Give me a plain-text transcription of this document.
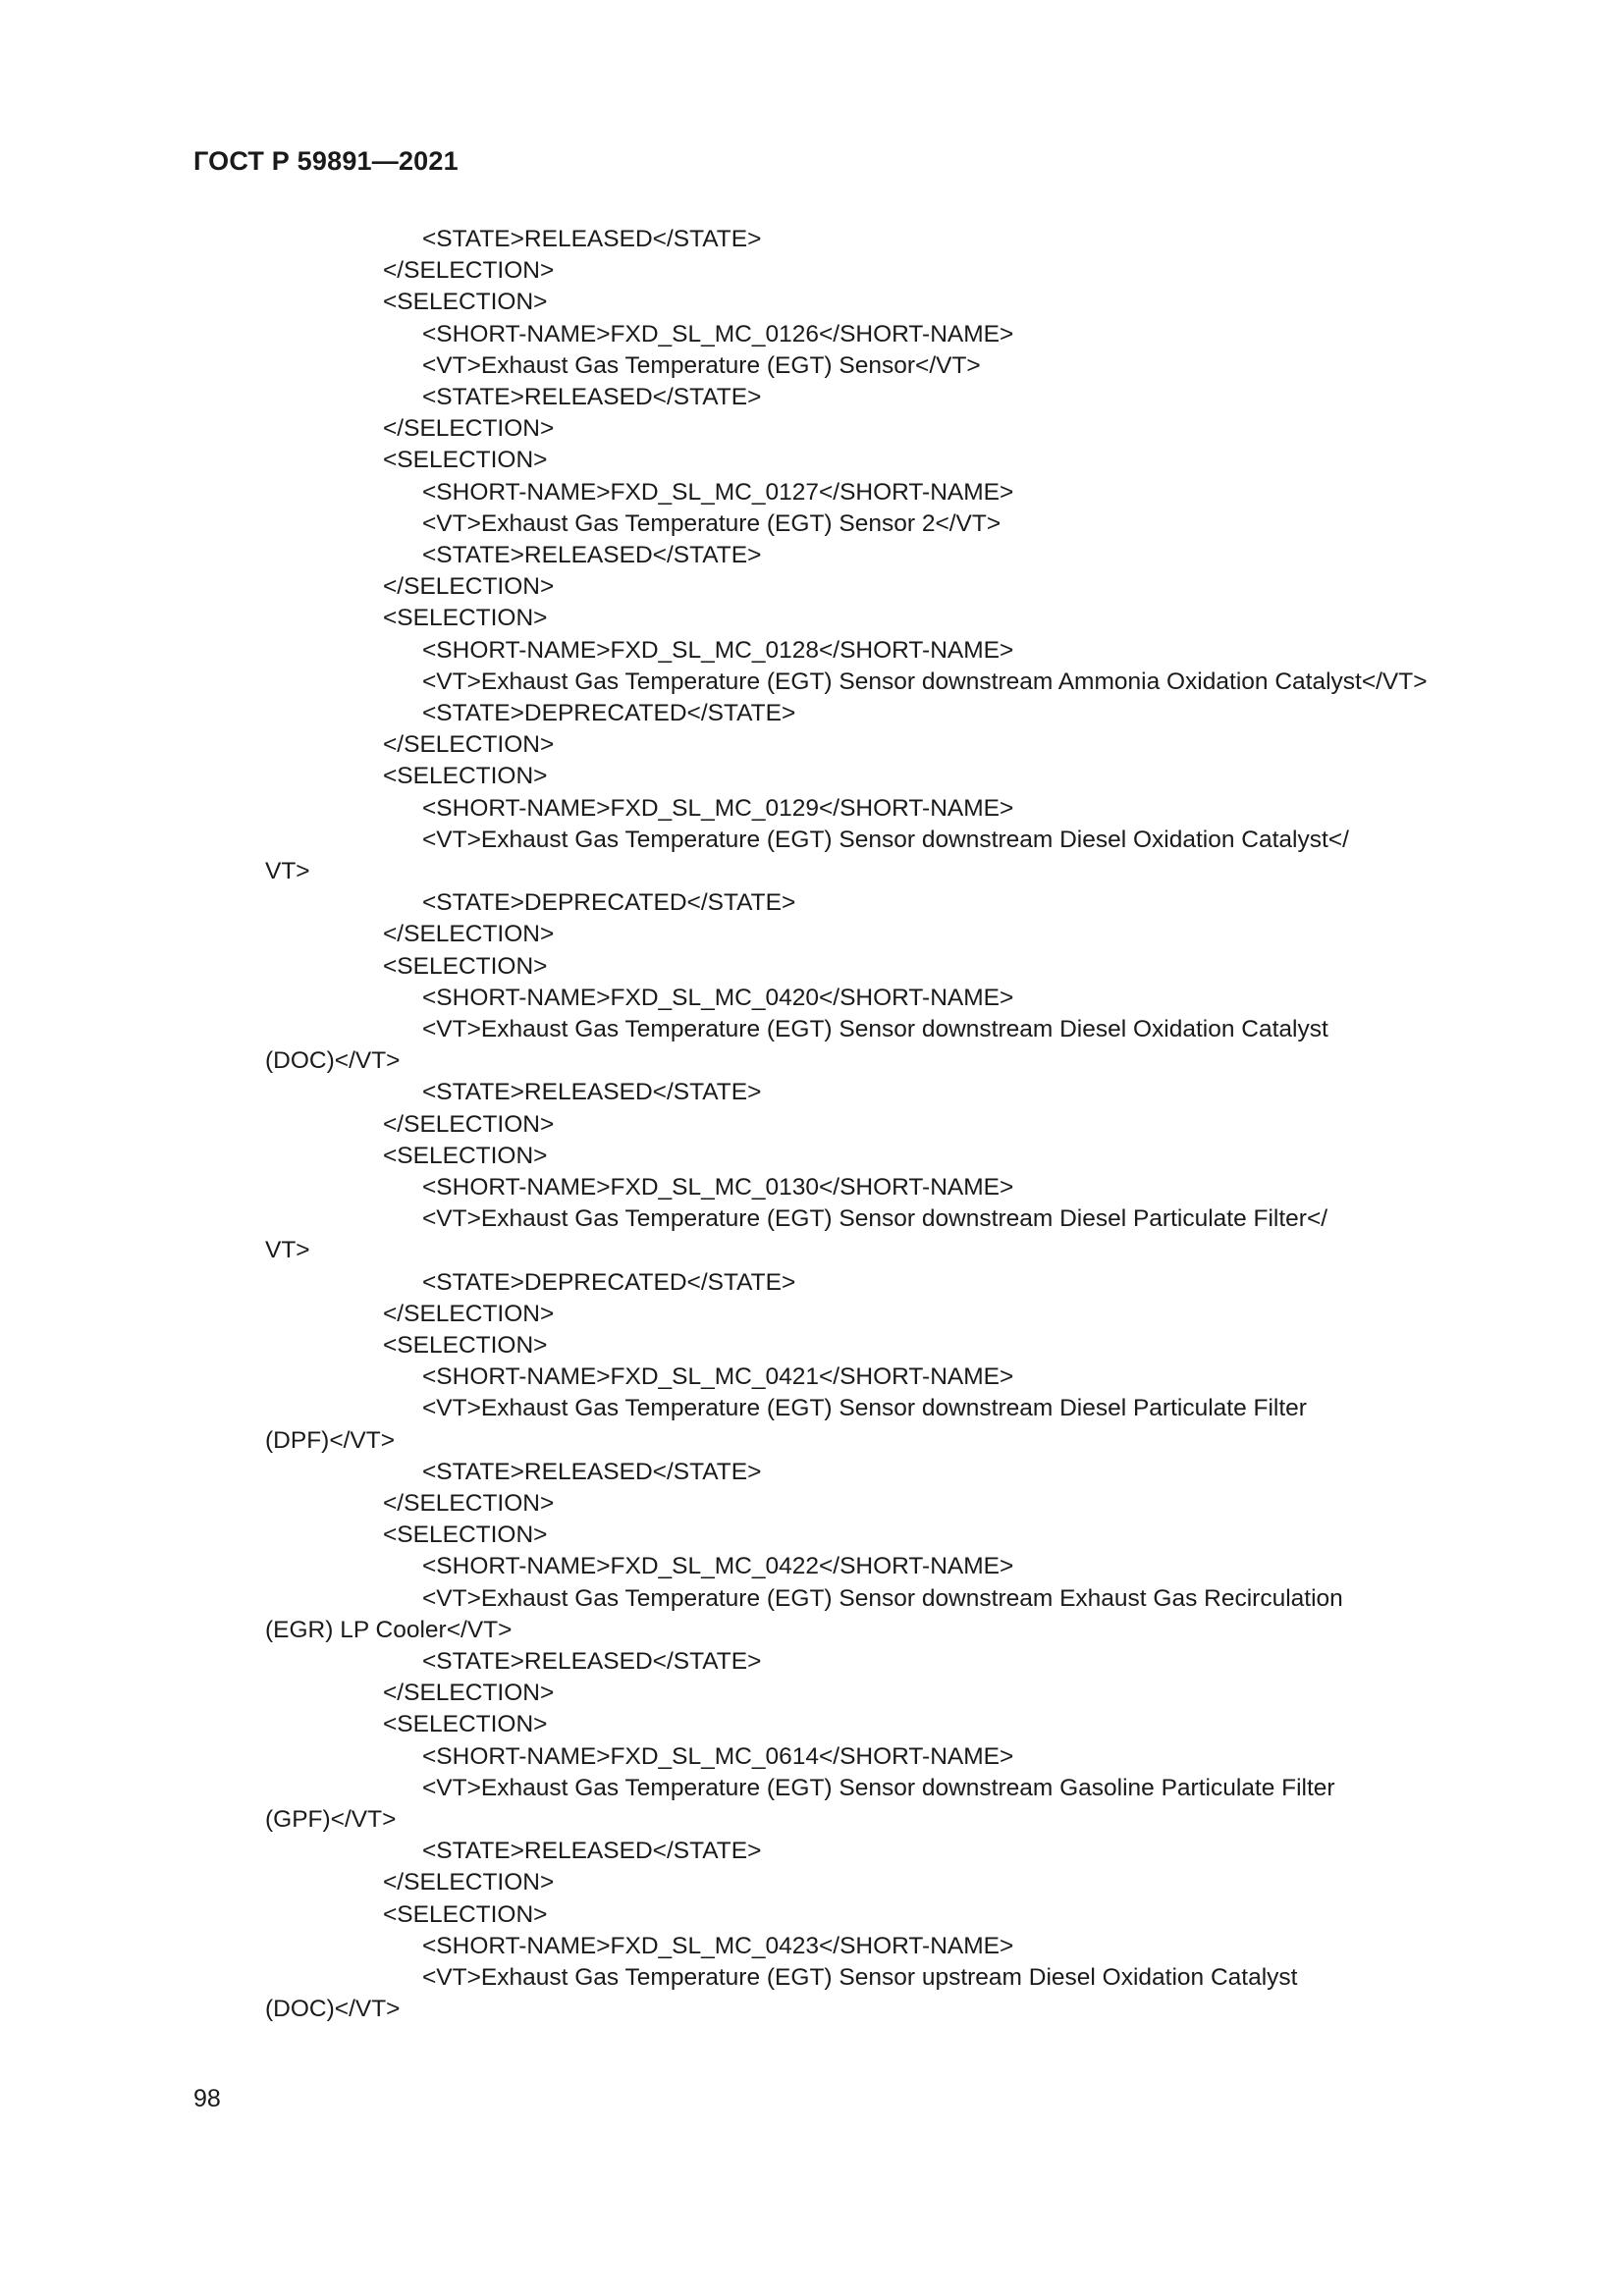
ГОСТ Р 59891—2021
<STATE>RELEASED</STATE>
</SELECTION>
<SELECTION>
<SHORT-NAME>FXD_SL_MC_0126</SHORT-NAME>
<VT>Exhaust Gas Temperature (EGT) Sensor</VT>
<STATE>RELEASED</STATE>
</SELECTION>
<SELECTION>
<SHORT-NAME>FXD_SL_MC_0127</SHORT-NAME>
<VT>Exhaust Gas Temperature (EGT) Sensor 2</VT>
<STATE>RELEASED</STATE>
</SELECTION>
<SELECTION>
<SHORT-NAME>FXD_SL_MC_0128</SHORT-NAME>
<VT>Exhaust Gas Temperature (EGT) Sensor downstream Ammonia Oxidation Catalyst</VT>
<STATE>DEPRECATED</STATE>
</SELECTION>
<SELECTION>
<SHORT-NAME>FXD_SL_MC_0129</SHORT-NAME>
<VT>Exhaust Gas Temperature (EGT) Sensor downstream Diesel Oxidation Catalyst</
VT>
<STATE>DEPRECATED</STATE>
</SELECTION>
<SELECTION>
<SHORT-NAME>FXD_SL_MC_0420</SHORT-NAME>
<VT>Exhaust Gas Temperature (EGT) Sensor downstream Diesel Oxidation Catalyst
(DOC)</VT>
<STATE>RELEASED</STATE>
</SELECTION>
<SELECTION>
<SHORT-NAME>FXD_SL_MC_0130</SHORT-NAME>
<VT>Exhaust Gas Temperature (EGT) Sensor downstream Diesel Particulate Filter</
VT>
<STATE>DEPRECATED</STATE>
</SELECTION>
<SELECTION>
<SHORT-NAME>FXD_SL_MC_0421</SHORT-NAME>
<VT>Exhaust Gas Temperature (EGT) Sensor downstream Diesel Particulate Filter
(DPF)</VT>
<STATE>RELEASED</STATE>
</SELECTION>
<SELECTION>
<SHORT-NAME>FXD_SL_MC_0422</SHORT-NAME>
<VT>Exhaust Gas Temperature (EGT) Sensor downstream Exhaust Gas Recirculation
(EGR) LP Cooler</VT>
<STATE>RELEASED</STATE>
</SELECTION>
<SELECTION>
<SHORT-NAME>FXD_SL_MC_0614</SHORT-NAME>
<VT>Exhaust Gas Temperature (EGT) Sensor downstream Gasoline Particulate Filter
(GPF)</VT>
<STATE>RELEASED</STATE>
</SELECTION>
<SELECTION>
<SHORT-NAME>FXD_SL_MC_0423</SHORT-NAME>
<VT>Exhaust Gas Temperature (EGT) Sensor upstream Diesel Oxidation Catalyst
(DOC)</VT>
98
